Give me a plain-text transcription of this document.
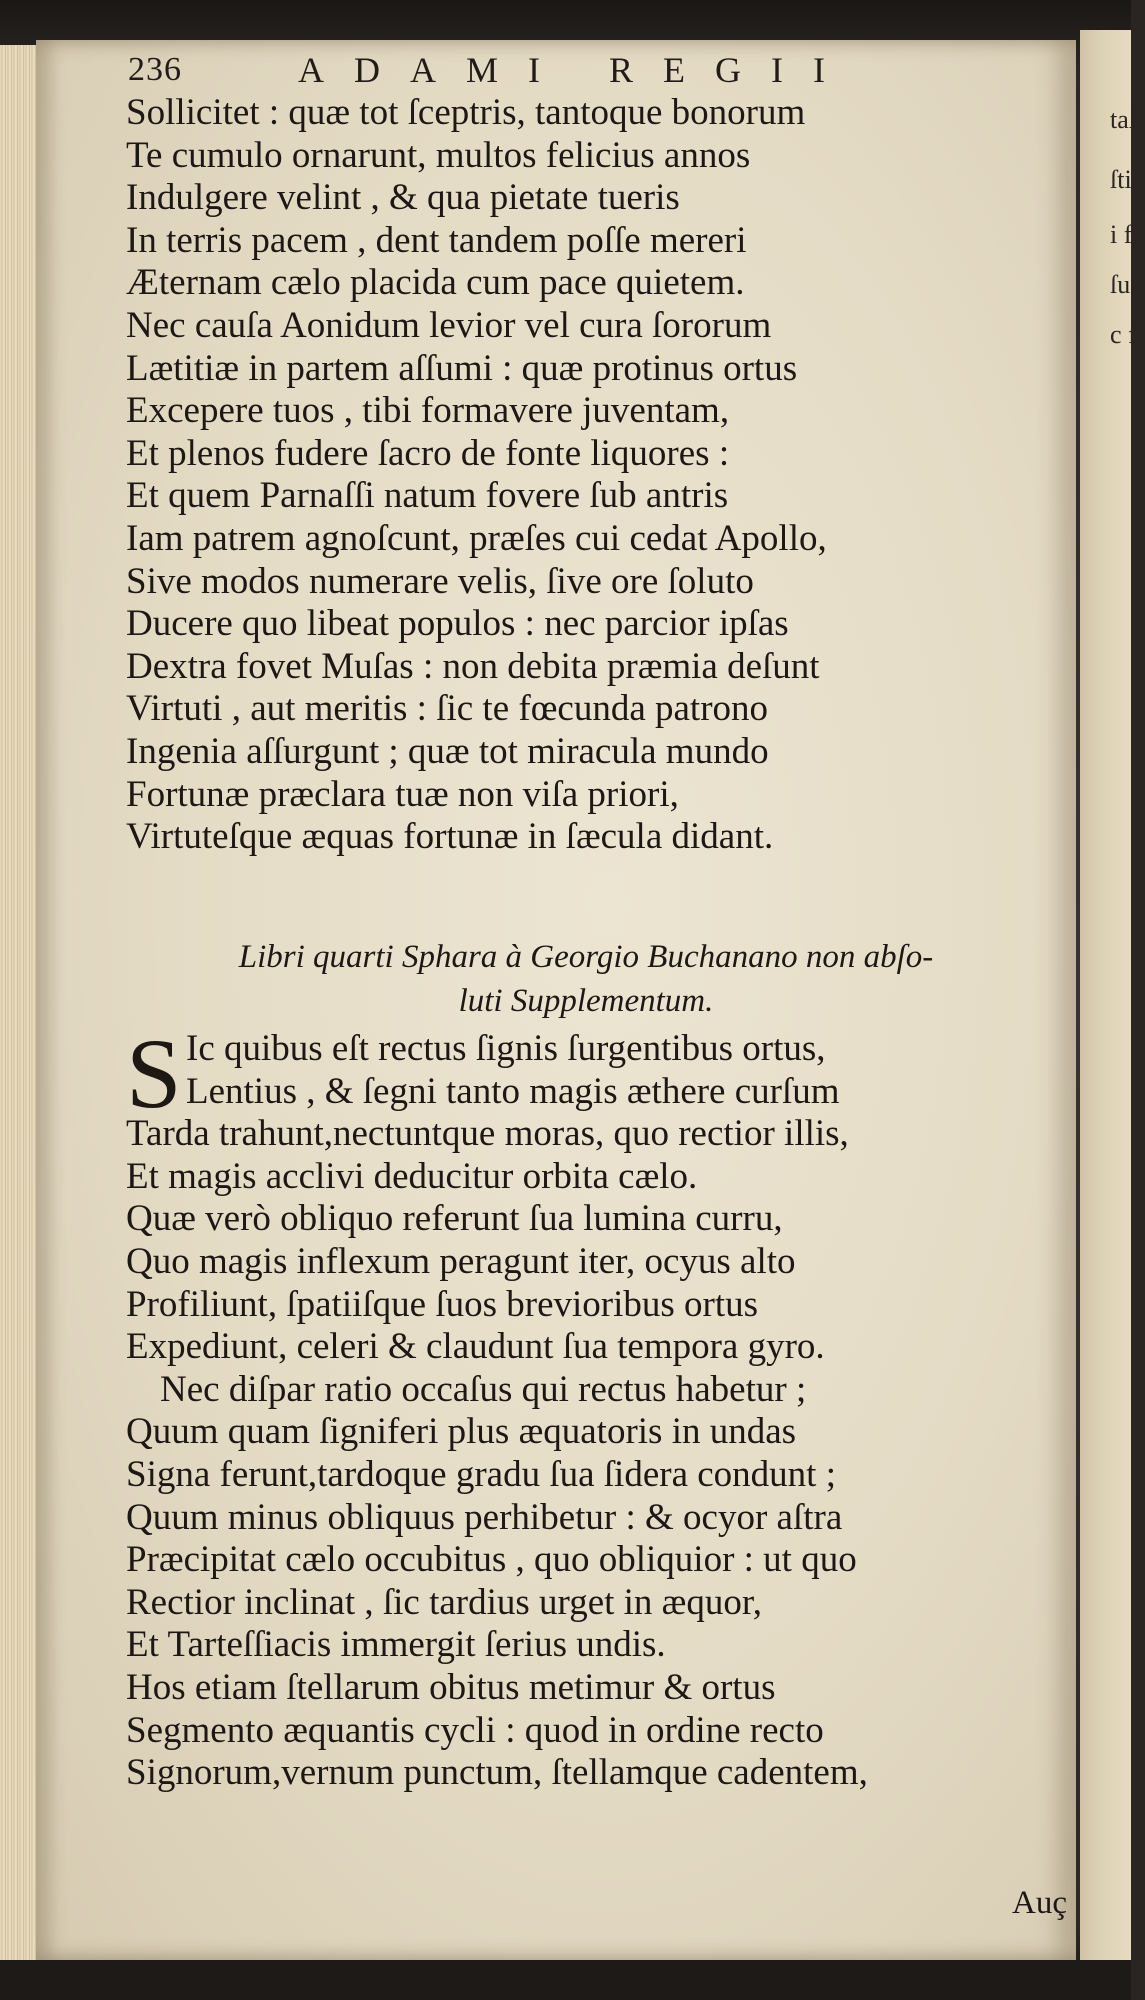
taſ
ſti
i fu
ſua
c fi
236	ADAMI REGII
Sollicitet : quæ tot ſceptris, tantoque bonorum
Te cumulo ornarunt, multos felicius annos
Indulgere velint , & qua pietate tueris
In terris pacem , dent tandem poſſe mereri
Æternam cælo placida cum pace quietem.
Nec cauſa Aonidum levior vel cura ſororum
Lætitiæ in partem aſſumi : quæ protinus ortus
Excepere tuos , tibi formavere juventam,
Et plenos fudere ſacro de fonte liquores :
Et quem Parnaſſi natum fovere ſub antris
Iam patrem agnoſcunt, præſes cui cedat Apollo,
Sive modos numerare velis, ſive ore ſoluto
Ducere quo libeat populos : nec parcior ipſas
Dextra fovet Muſas : non debita præmia deſunt
Virtuti , aut meritis : ſic te fœcunda patrono
Ingenia aſſurgunt ; quæ tot miracula mundo
Fortunæ præclara tuæ non viſa priori,
Virtuteſque æquas fortunæ in ſæcula didant.
Libri quarti Sphara à Georgio Buchanano non abſo-
luti Supplementum.
S Ic quibus eſt rectus ſignis ſurgentibus ortus,
Lentius , & ſegni tanto magis æthere curſum
Tarda trahunt,nectuntque moras, quo rectior illis,
Et magis acclivi deducitur orbita cælo.
Quæ verò obliquo referunt ſua lumina curru,
Quo magis inflexum peragunt iter, ocyus alto
Profiliunt, ſpatiiſque ſuos brevioribus ortus
Expediunt, celeri & claudunt ſua tempora gyro.
Nec diſpar ratio occaſus qui rectus habetur ;
Quum quam ſigniferi plus æquatoris in undas
Signa ferunt,tardoque gradu ſua ſidera condunt ;
Quum minus obliquus perhibetur : & ocyor aſtra
Præcipitat cælo occubitus , quo obliquior : ut quo
Rectior inclinat , ſic tardius urget in æquor,
Et Tarteſſiacis immergit ſerius undis.
Hos etiam ſtellarum obitus metimur & ortus
Segmento æquantis cycli : quod in ordine recto
Signorum,vernum punctum, ſtellamque cadentem,
Auç
